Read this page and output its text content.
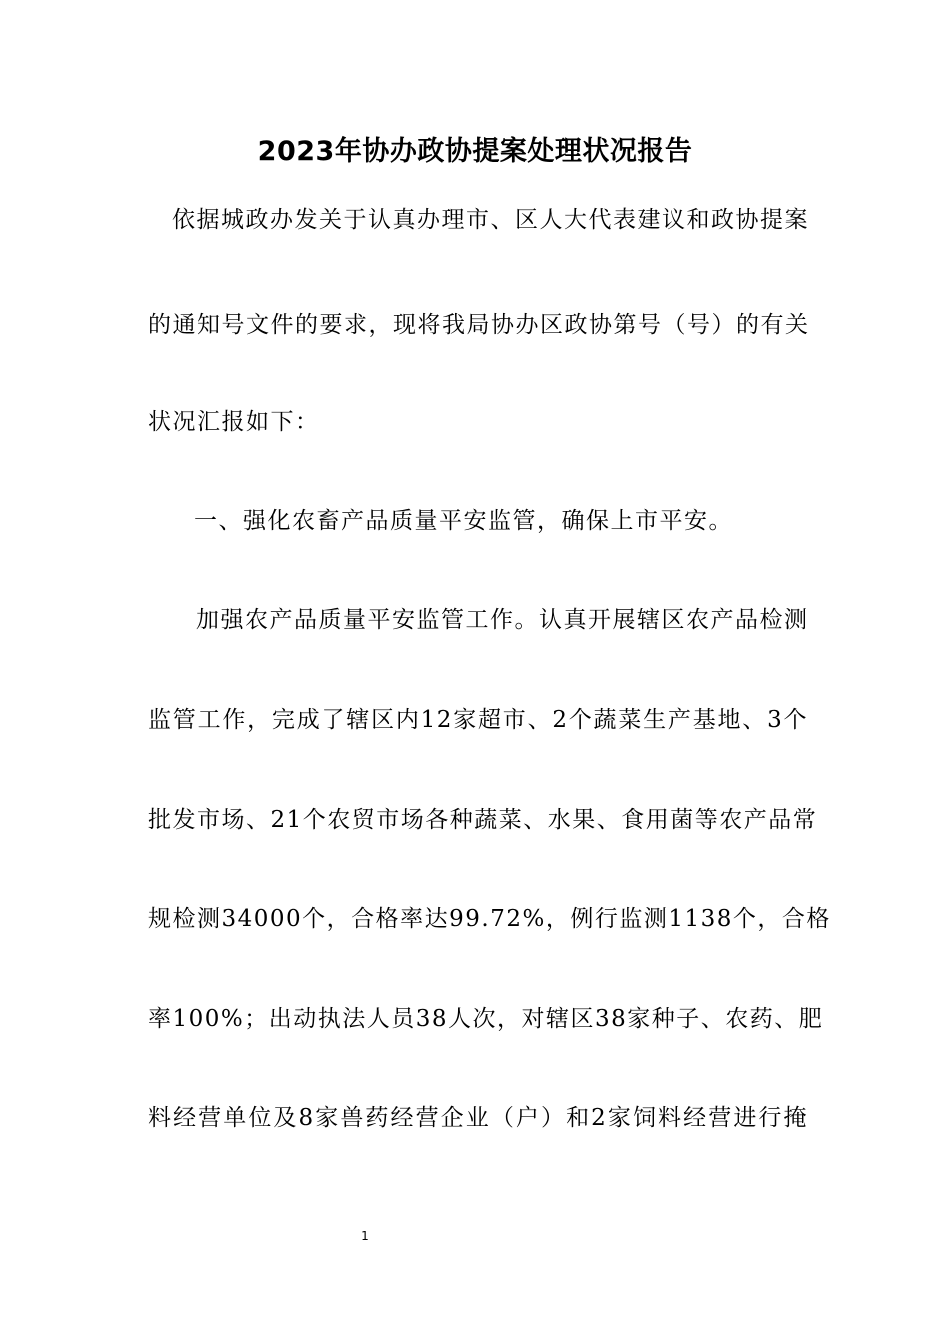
2023年协办政协提案处理状况报告
依据城政办发关于认真办理市、区人大代表建议和政协提案
的通知号文件的要求，现将我局协办区政协第号（号）的有关
状况汇报如下：
一、强化农畜产品质量平安监管，确保上市平安。
加强农产品质量平安监管工作。认真开展辖区农产品检测
监管工作，完成了辖区内12家超市、2个蔬菜生产基地、3个
批发市场、21个农贸市场各种蔬菜、水果、食用菌等农产品常
规检测34000个，合格率达99.72%，例行监测1138个，合格
率100%；出动执法人员38人次，对辖区38家种子、农药、肥
料经营单位及8家兽药经营企业（户）和2家饲料经营进行掩
1
